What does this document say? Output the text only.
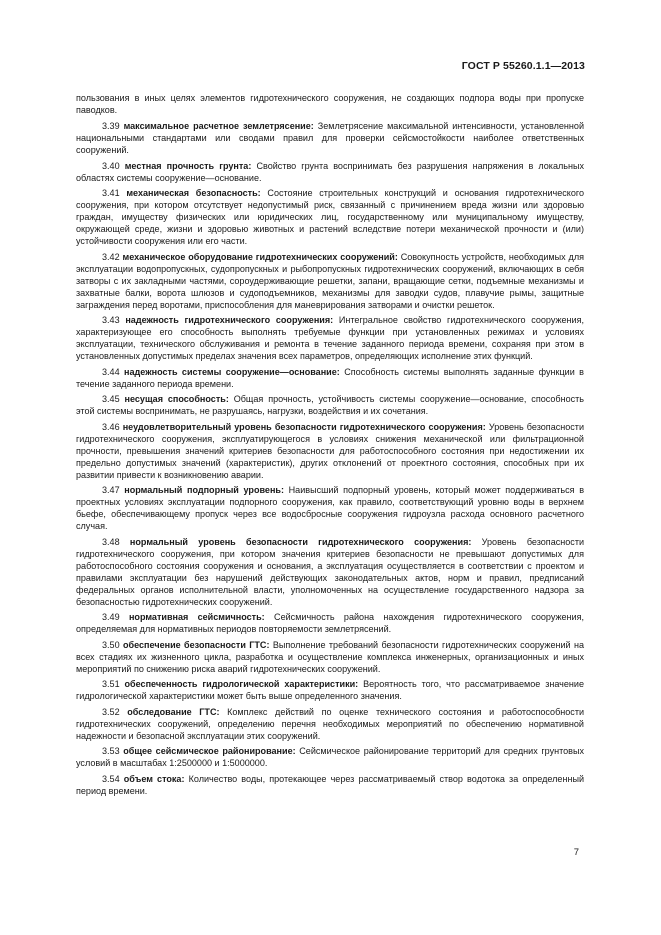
ГОСТ Р 55260.1.1—2013

пользования в иных целях элементов гидротехнического сооружения, не создающих подпора воды при пропуске паводков.

3.39 максимальное расчетное землетрясение: Землетрясение максимальной интенсивности, установленной национальными стандартами или сводами правил для проверки сейсмостойкости наиболее ответственных сооружений.

3.40 местная прочность грунта: Свойство грунта воспринимать без разрушения напряжения в локальных областях системы сооружение—основание.

3.41 механическая безопасность: Состояние строительных конструкций и основания гидротехнического сооружения, при котором отсутствует недопустимый риск, связанный с причинением вреда жизни или здоровью граждан, имуществу физических или юридических лиц, государственному или муниципальному имуществу, окружающей среде, жизни и здоровью животных и растений вследствие потери механической прочности и (или) устойчивости сооружения или его части.

3.42 механическое оборудование гидротехнических сооружений: Совокупность устройств, необходимых для эксплуатации водопропускных, судопропускных и рыбопропускных гидротехнических сооружений, включающих в себя затворы с их закладными частями, сороудерживающие решетки, запани, вращающие сетки, подъемные механизмы и захватные балки, ворота шлюзов и судоподъемников, механизмы для заводки судов, плавучие рымы, защитные заграждения перед воротами, приспособления для маневрирования затворами и очистки решеток.

3.43 надежность гидротехнического сооружения: Интегральное свойство гидротехнического сооружения, характеризующее его способность выполнять требуемые функции при установленных режимах и условиях эксплуатации, технического обслуживания и ремонта в течение заданного периода времени, сохраняя при этом в установленных допустимых пределах значения всех параметров, определяющих исполнение этих функций.

3.44 надежность системы сооружение—основание: Способность системы выполнять заданные функции в течение заданного периода времени.

3.45 несущая способность: Общая прочность, устойчивость системы сооружение—основание, способность этой системы воспринимать, не разрушаясь, нагрузки, воздействия и их сочетания.

3.46 неудовлетворительный уровень безопасности гидротехнического сооружения: Уровень безопасности гидротехнического сооружения, эксплуатирующегося в условиях снижения механической или фильтрационной прочности, превышения значений критериев безопасности для работоспособного состояния при недостижении их предельно допустимых значений (характеристик), других отклонений от проектного состояния, способных при их развитии привести к возникновению аварии.

3.47 нормальный подпорный уровень: Наивысший подпорный уровень, который может поддерживаться в проектных условиях эксплуатации подпорного сооружения, как правило, соответствующий уровню воды в верхнем бьефе, обеспечивающему пропуск через все водосбросные сооружения гидроузла расхода основного расчетного случая.

3.48 нормальный уровень безопасности гидротехнического сооружения: Уровень безопасности гидротехнического сооружения, при котором значения критериев безопасности не превышают допустимых для работоспособного состояния сооружения и основания, а эксплуатация осуществляется в соответствии с проектом и правилами эксплуатации без нарушений действующих законодательных актов, норм и правил, предписаний федеральных органов исполнительной власти, уполномоченных на осуществление государственного надзора за безопасностью гидротехнических сооружений.

3.49 нормативная сейсмичность: Сейсмичность района нахождения гидротехнического сооружения, определяемая для нормативных периодов повторяемости землетрясений.

3.50 обеспечение безопасности ГТС: Выполнение требований безопасности гидротехнических сооружений на всех стадиях их жизненного цикла, разработка и осуществление комплекса инженерных, организационных и иных мероприятий по снижению риска аварий гидротехнических сооружений.

3.51 обеспеченность гидрологической характеристики: Вероятность того, что рассматриваемое значение гидрологической характеристики может быть выше определенного значения.

3.52 обследование ГТС: Комплекс действий по оценке технического состояния и работоспособности гидротехнических сооружений, определению перечня необходимых мероприятий по обеспечению нормативной надежности и безопасной эксплуатации этих сооружений.

3.53 общее сейсмическое районирование: Сейсмическое районирование территорий для средних грунтовых условий в масштабах 1:2500000 и 1:5000000.

3.54 объем стока: Количество воды, протекающее через рассматриваемый створ водотока за определенный период времени.

7
